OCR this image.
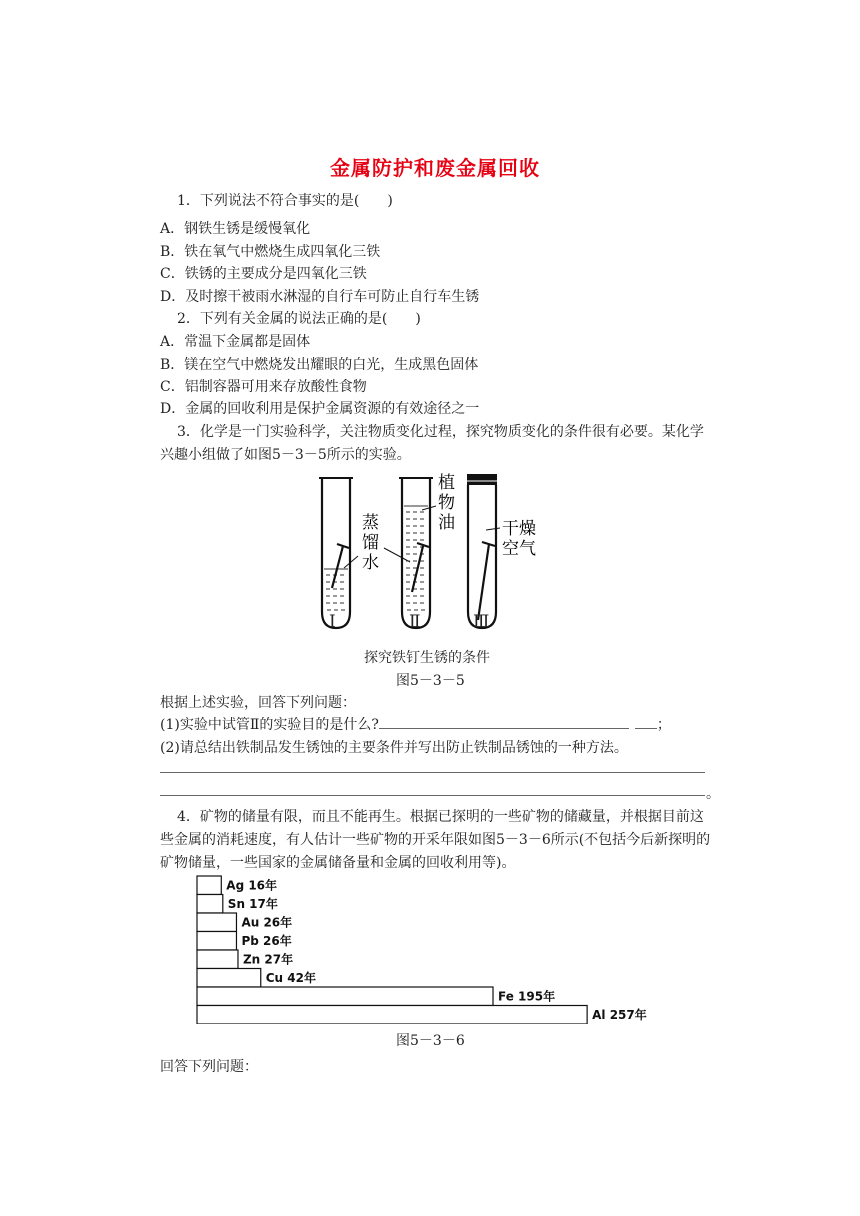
金属防护和废金属回收
1．下列说法不符合事实的是(　　)
A．钢铁生锈是缓慢氧化
B．铁在氧气中燃烧生成四氧化三铁
C．铁锈的主要成分是四氧化三铁
D．及时擦干被雨水淋湿的自行车可防止自行车生锈
2．下列有关金属的说法正确的是(　　)
A．常温下金属都是固体
B．镁在空气中燃烧发出耀眼的白光，生成黑色固体
C．铝制容器可用来存放酸性食物
D．金属的回收利用是保护金属资源的有效途径之一
3．化学是一门实验科学，关注物质变化过程，探究物质变化的条件很有必要。某化学
兴趣小组做了如图5－3－5所示的实验。
蒸
馏
水
植
物
油	干燥
空气
Ⅰ	Ⅱ	Ⅲ
探究铁钉生锈的条件
图5－3－5
根据上述实验，回答下列问题：
(1)实验中试管Ⅱ的实验目的是什么?	；
(2)请总结出铁制品发生锈蚀的主要条件并写出防止铁制品锈蚀的一种方法。
。
4．矿物的储量有限，而且不能再生。根据已探明的一些矿物的储藏量，并根据目前这
些金属的消耗速度，有人估计一些矿物的开采年限如图5－3－6所示(不包括今后新探明的
矿物储量，一些国家的金属储备量和金属的回收利用等)。
Ag 16年
Sn 17年
Au 26年
Pb 26年
Zn 27年
Cu 42年
Fe 195年
Al 257年
图5－3－6
回答下列问题：
